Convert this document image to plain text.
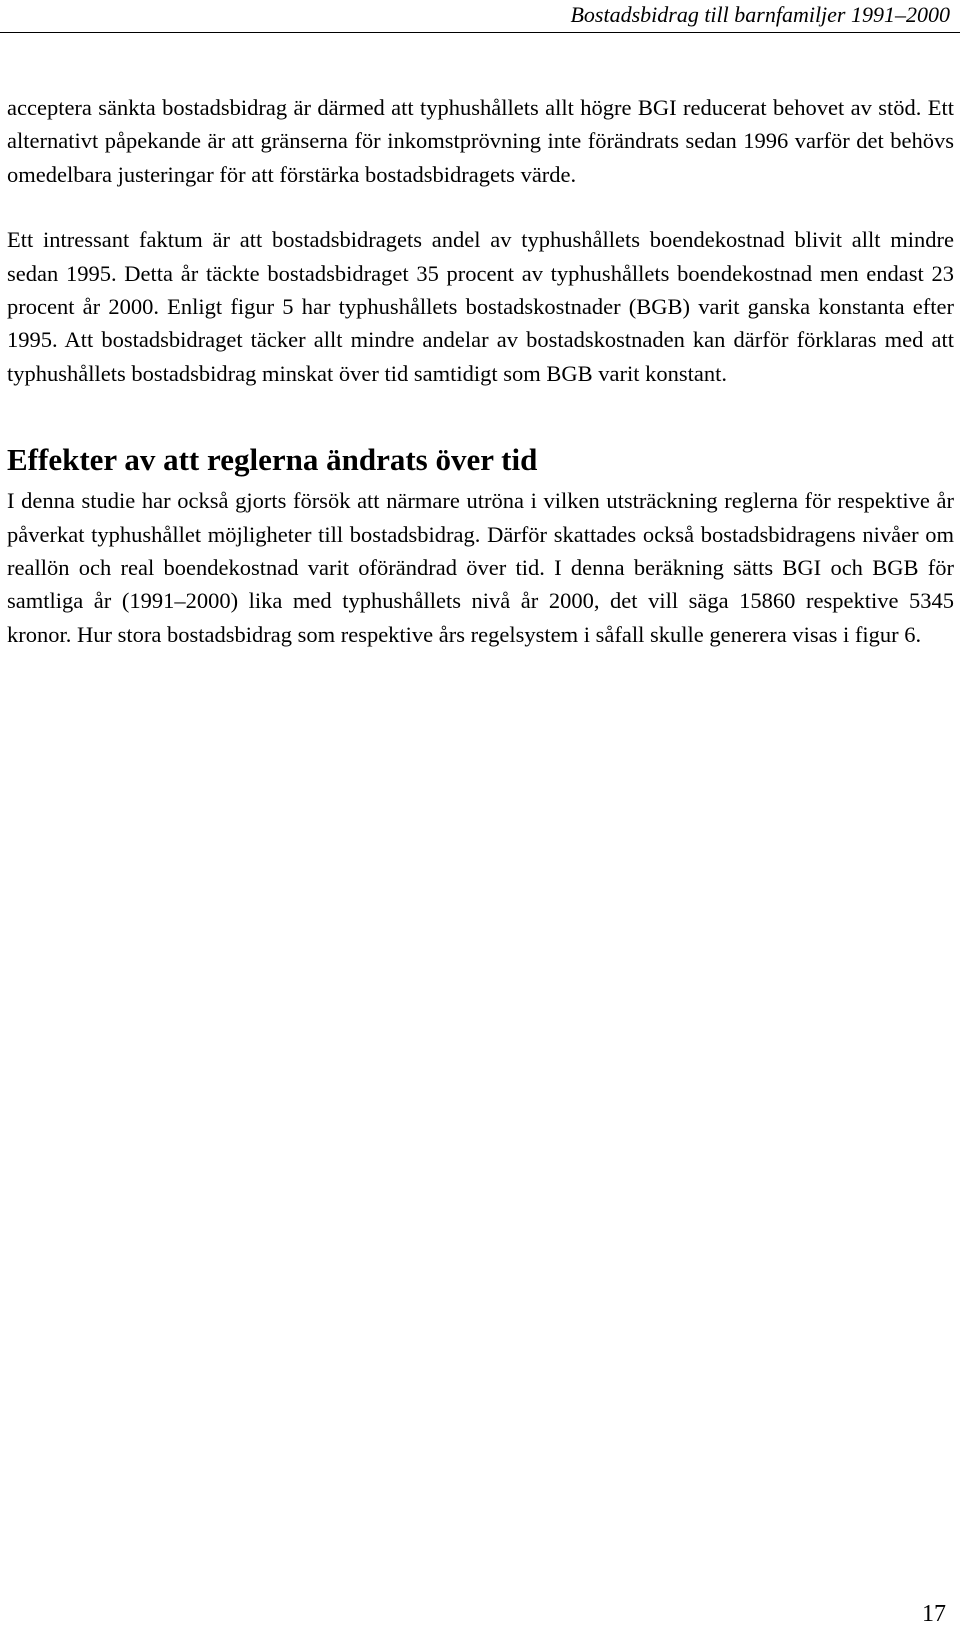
Bostadsbidrag till barnfamiljer 1991–2000

acceptera sänkta bostadsbidrag är därmed att typhushållets allt högre BGI reducerat behovet av stöd. Ett alternativt påpekande är att gränserna för inkomstprövning inte förändrats sedan 1996 varför det behövs omedelbara justeringar för att förstärka bostadsbidragets värde.

Ett intressant faktum är att bostadsbidragets andel av typhushållets boendekostnad blivit allt mindre sedan 1995. Detta år täckte bostadsbidraget 35 procent av typhushållets boendekostnad men endast 23 procent år 2000. Enligt figur 5 har typhushållets bostadskostnader (BGB) varit ganska konstanta efter 1995. Att bostadsbidraget täcker allt mindre andelar av bostadskostnaden kan därför förklaras med att typhushållets bostadsbidrag minskat över tid samtidigt som BGB varit konstant.

Effekter av att reglerna ändrats över tid

I denna studie har också gjorts försök att närmare utröna i vilken utsträckning reglerna för respektive år påverkat typhushållet möjligheter till bostadsbidrag. Därför skattades också bostadsbidragens nivåer om reallön och real boendekostnad varit oförändrad över tid. I denna beräkning sätts BGI och BGB för samtliga år (1991–2000) lika med typhushållets nivå år 2000, det vill säga 15860 respektive 5345 kronor. Hur stora bostadsbidrag som respektive års regelsystem i såfall skulle generera visas i figur 6.

17
